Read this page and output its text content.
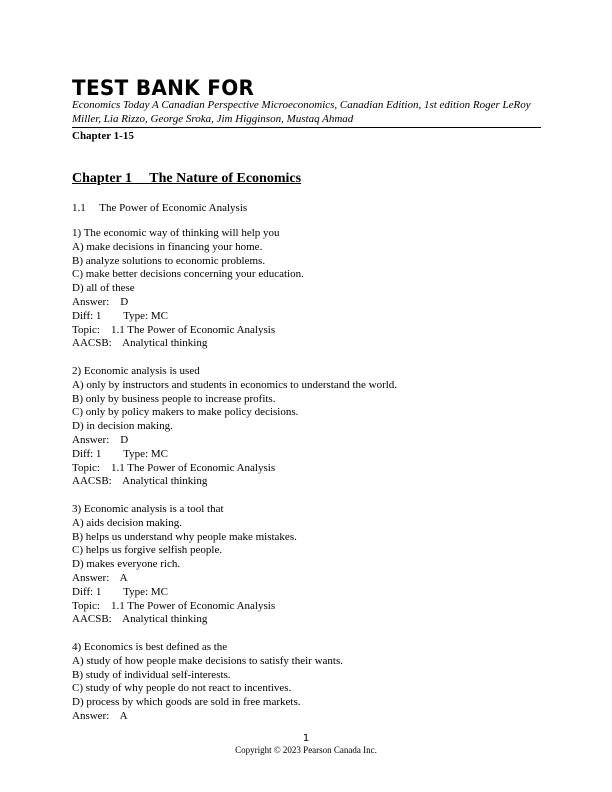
TEST BANK FOR
Economics Today A Canadian Perspective Microeconomics, Canadian Edition, 1st edition Roger LeRoy Miller, Lia Rizzo, George Sroka, Jim Higginson, Mustaq Ahmad
Chapter 1-15
Chapter 1     The Nature of Economics
1.1     The Power of Economic Analysis
1) The economic way of thinking will help you
A) make decisions in financing your home.
B) analyze solutions to economic problems.
C) make better decisions concerning your education.
D) all of these
Answer:    D
Diff: 1        Type: MC
Topic:    1.1 The Power of Economic Analysis
AACSB:    Analytical thinking
2) Economic analysis is used
A) only by instructors and students in economics to understand the world.
B) only by business people to increase profits.
C) only by policy makers to make policy decisions.
D) in decision making.
Answer:    D
Diff: 1        Type: MC
Topic:    1.1 The Power of Economic Analysis
AACSB:    Analytical thinking
3) Economic analysis is a tool that
A) aids decision making.
B) helps us understand why people make mistakes.
C) helps us forgive selfish people.
D) makes everyone rich.
Answer:    A
Diff: 1        Type: MC
Topic:    1.1 The Power of Economic Analysis
AACSB:    Analytical thinking
4) Economics is best defined as the
A) study of how people make decisions to satisfy their wants.
B) study of individual self-interests.
C) study of why people do not react to incentives.
D) process by which goods are sold in free markets.
Answer:    A
1
Copyright © 2023 Pearson Canada Inc.
